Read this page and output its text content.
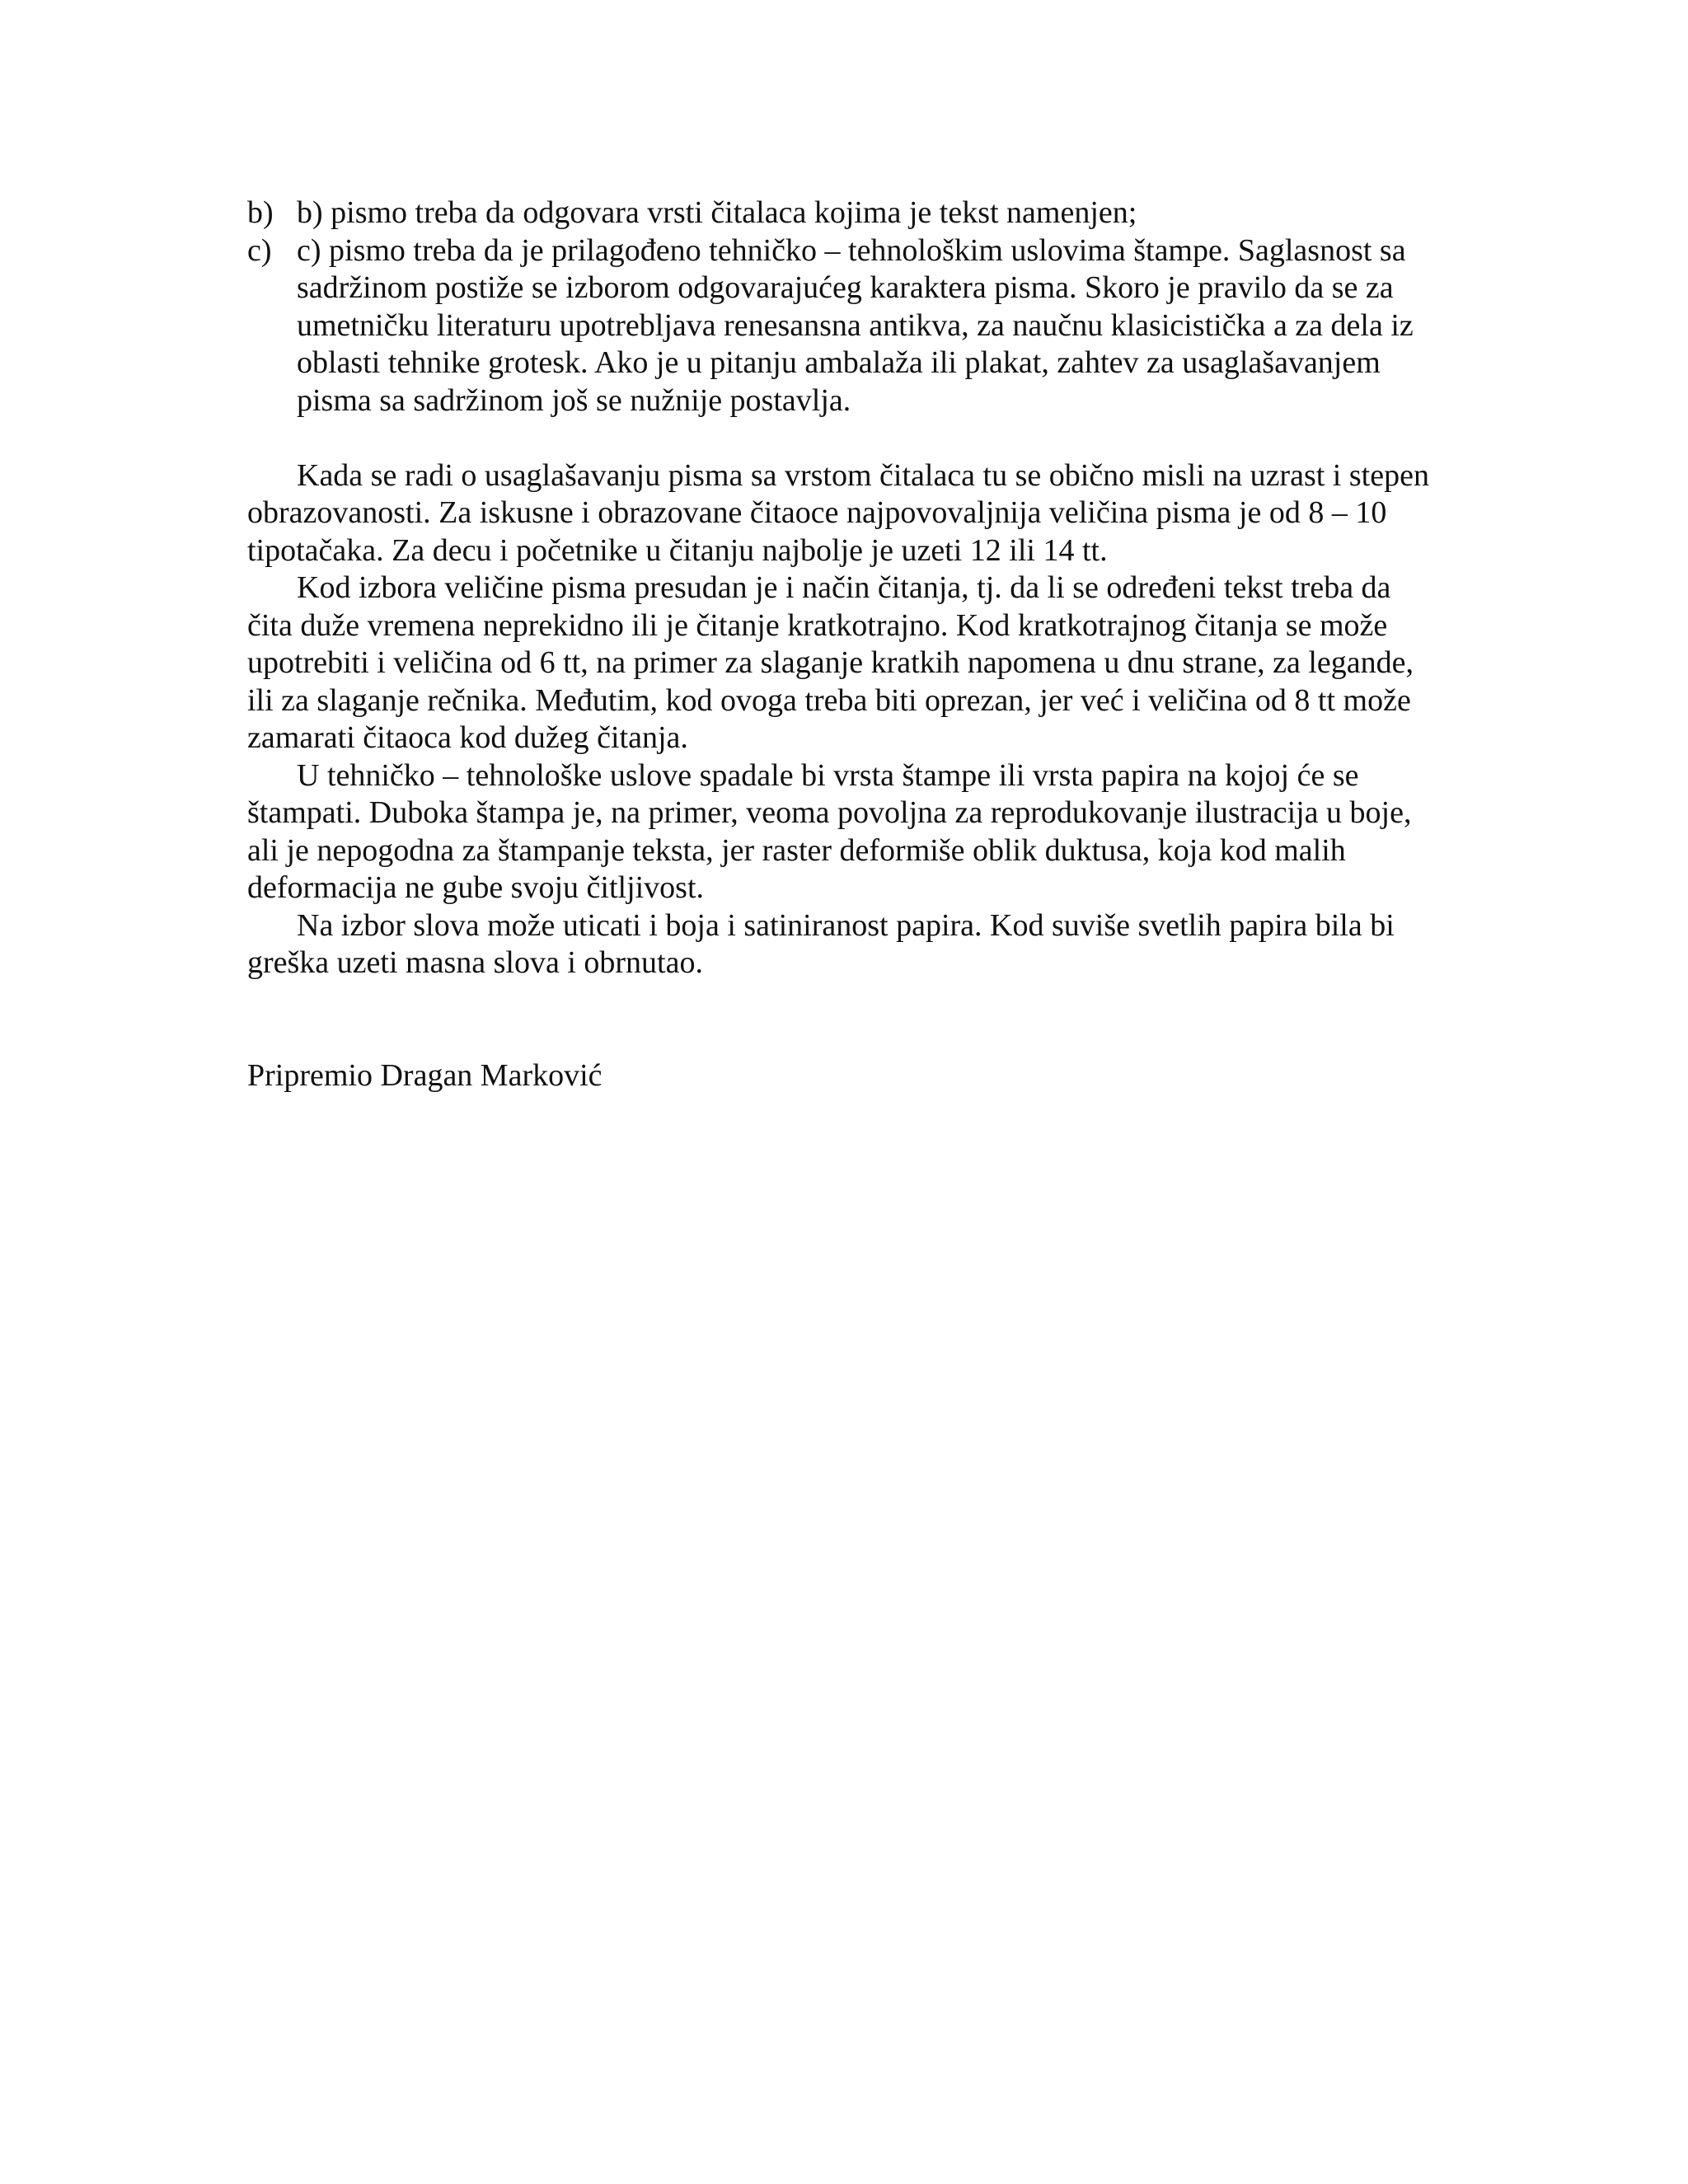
b) b) pismo treba da odgovara vrsti čitalaca kojima je tekst namenjen;

c) c) pismo treba da je prilagođeno tehničko – tehnološkim uslovima štampe. Saglasnost sa sadržinom postiže se izborom odgovarajućeg karaktera pisma. Skoro je pravilo da se za umetničku literaturu upotrebljava renesansna antikva, za naučnu klasicistička a za dela iz oblasti tehnike grotesk. Ako je u pitanju ambalaža ili plakat, zahtev za usaglašavanjem pisma sa sadržinom još se nužnije postavlja.

Kada se radi o usaglašavanju pisma sa vrstom čitalaca tu se obično misli na uzrast i stepen obrazovanosti. Za iskusne i obrazovane čitaoce najpovovaljnija veličina pisma je od 8 – 10 tipotačaka. Za decu i početnike u čitanju najbolje je uzeti 12 ili 14 tt.

Kod izbora veličine pisma presudan je i način čitanja, tj. da li se određeni tekst treba da čita duže vremena neprekidno ili je čitanje kratkotrajno. Kod kratkotrajnog čitanja se može upotrebiti i veličina od 6 tt, na primer za slaganje kratkih napomena u dnu strane, za legande, ili za slaganje rečnika. Međutim, kod ovoga treba biti oprezan, jer već i veličina od 8 tt može zamarati čitaoca kod dužeg čitanja.

U tehničko – tehnološke uslove spadale bi vrsta štampe ili vrsta papira na kojoj će se štampati. Duboka štampa je, na primer, veoma povoljna za reprodukovanje ilustracija u boje, ali je nepogodna za štampanje teksta, jer raster deformiše oblik duktusa, koja kod malih deformacija ne gube svoju čitljivost.

Na izbor slova može uticati i boja i satiniranost papira. Kod suviše svetlih papira bila bi greška uzeti masna slova i obrnutao.

Pripremio Dragan Marković
